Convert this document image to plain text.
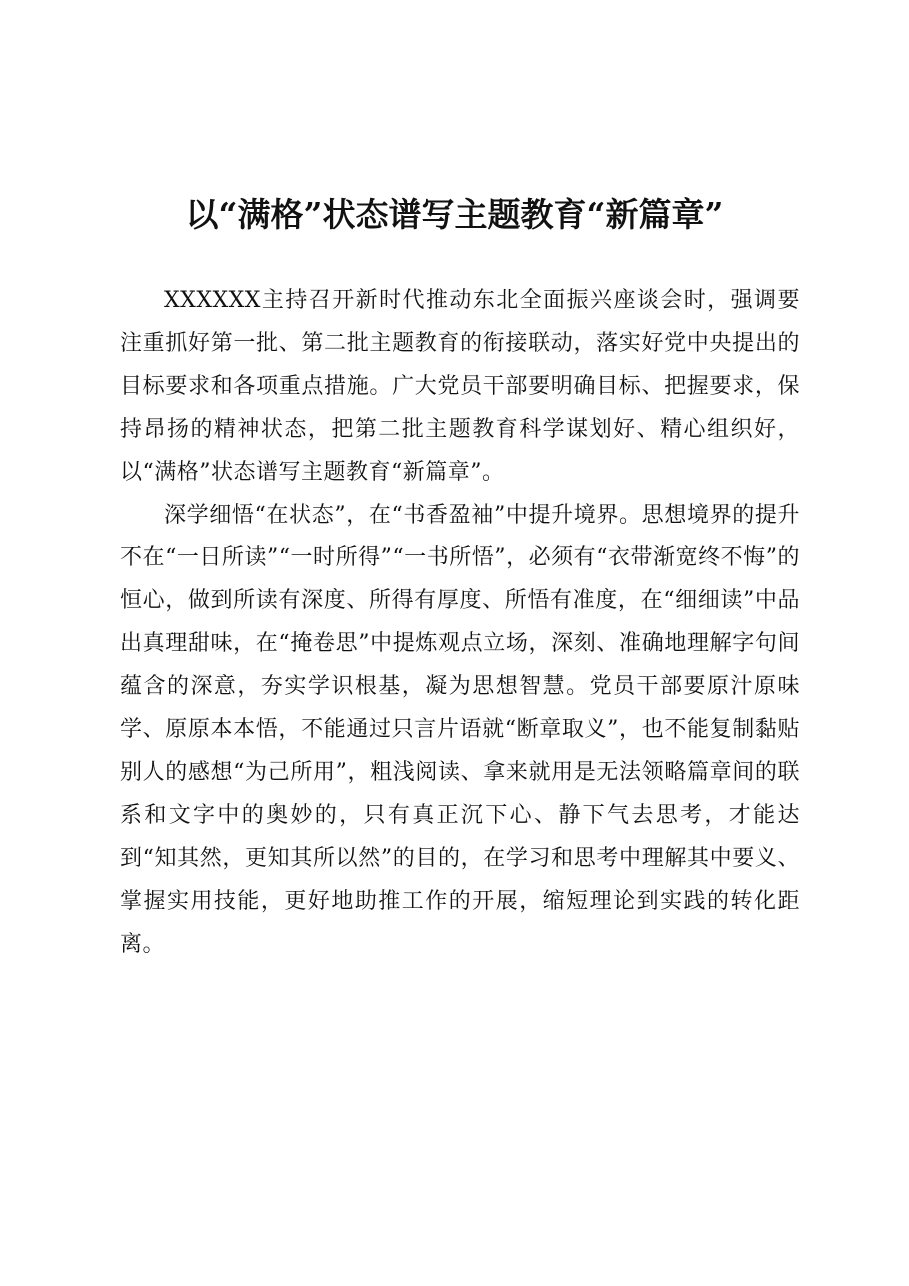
以“满格”状态谱写主题教育“新篇章”

XXXXXX主持召开新时代推动东北全面振兴座谈会时，强调要注重抓好第一批、第二批主题教育的衔接联动，落实好党中央提出的目标要求和各项重点措施。广大党员干部要明确目标、把握要求，保持昂扬的精神状态，把第二批主题教育科学谋划好、精心组织好，以“满格”状态谱写主题教育“新篇章”。

深学细悟“在状态”，在“书香盈袖”中提升境界。思想境界的提升不在“一日所读”“一时所得”“一书所悟”，必须有“衣带渐宽终不悔”的恒心，做到所读有深度、所得有厚度、所悟有准度，在“细细读”中品出真理甜味，在“掩卷思”中提炼观点立场，深刻、准确地理解字句间蕴含的深意，夯实学识根基，凝为思想智慧。党员干部要原汁原味学、原原本本悟，不能通过只言片语就“断章取义”，也不能复制黏贴别人的感想“为己所用”，粗浅阅读、拿来就用是无法领略篇章间的联系和文字中的奥妙的，只有真正沉下心、静下气去思考，才能达到“知其然，更知其所以然”的目的，在学习和思考中理解其中要义、掌握实用技能，更好地助推工作的开展，缩短理论到实践的转化距离。
